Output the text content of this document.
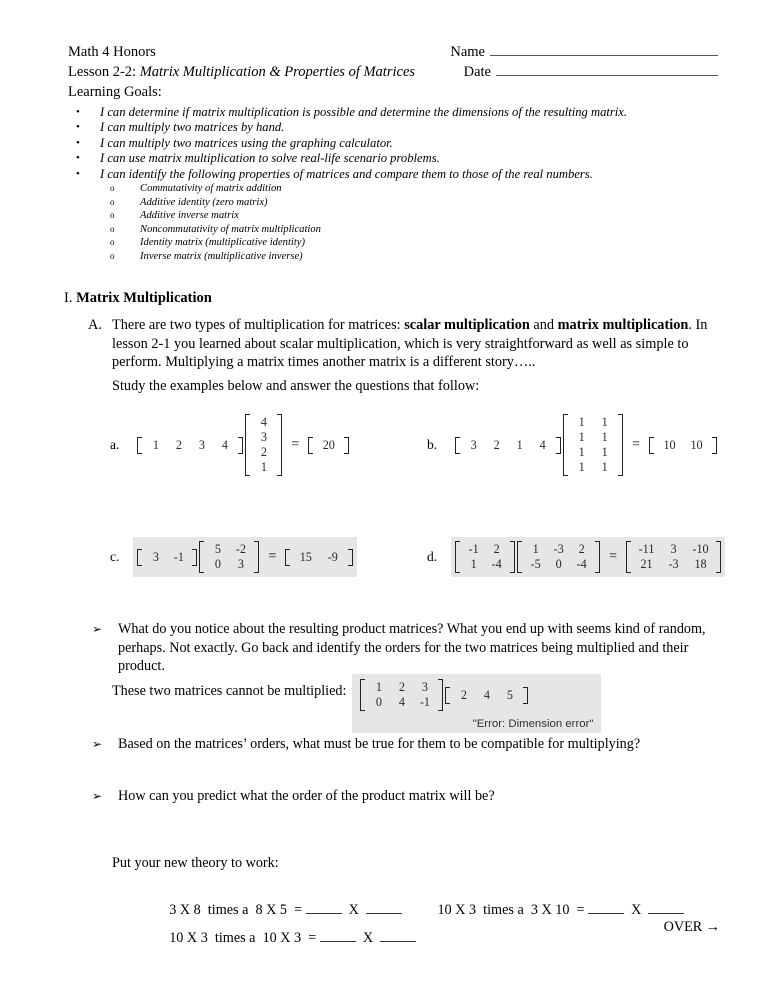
Math 4 Honors	Name
Lesson 2-2: Matrix Multiplication & Properties of Matrices	Date
Learning Goals:
•	I can determine if matrix multiplication is possible and determine the dimensions of the resulting matrix.
•	I can multiply two matrices by hand.
•	I can multiply two matrices using the graphing calculator.
•	I can use matrix multiplication to solve real-life scenario problems.
•	I can identify the following properties of matrices and compare them to those of the real numbers.
o	Commutativity of matrix addition
o	Additive identity (zero matrix)
o	Additive inverse matrix
o	Noncommutativity of matrix multiplication
o	Identity matrix (multiplicative identity)
o	Inverse matrix (multiplicative inverse)
I. Matrix Multiplication
A. There are two types of multiplication for matrices: scalar multiplication and matrix multiplication. In lesson 2-1 you learned about scalar multiplication, which is very straightforward as well as simple to perform. Multiplying a matrix times another matrix is a different story…..
Study the examples below and answer the questions that follow:
a.	1	2	3	4
4
3
2
1
=	20	b.	3	2	1	4
1	1
1	1
1	1
1	1
=	10	10
c.	3	-1
5	-2
0	3	=	15	-9	d.	-1	2
1	-4
1	-3	2
-5	0	-4	=	-11	3	-10
21	-3	18
➢	What do you notice about the resulting product matrices? What you end up with seems kind of random, perhaps. Not exactly. Go back and identify the orders for the two matrices being multiplied and their product.
These two matrices cannot be multiplied:	1	2	3
0	4	-1
2	4	5
"Error: Dimension error"
➢	Based on the matrices’ orders, what must be true for them to be compatible for multiplying?
➢	How can you predict what the order of the product matrix will be?
Put your new theory to work:

3 X 8  times a  8 X 5  =	X	10 X 3  times a  3 X 10  =	X

10 X 3  times a  10 X 3  =	X

OVER →
